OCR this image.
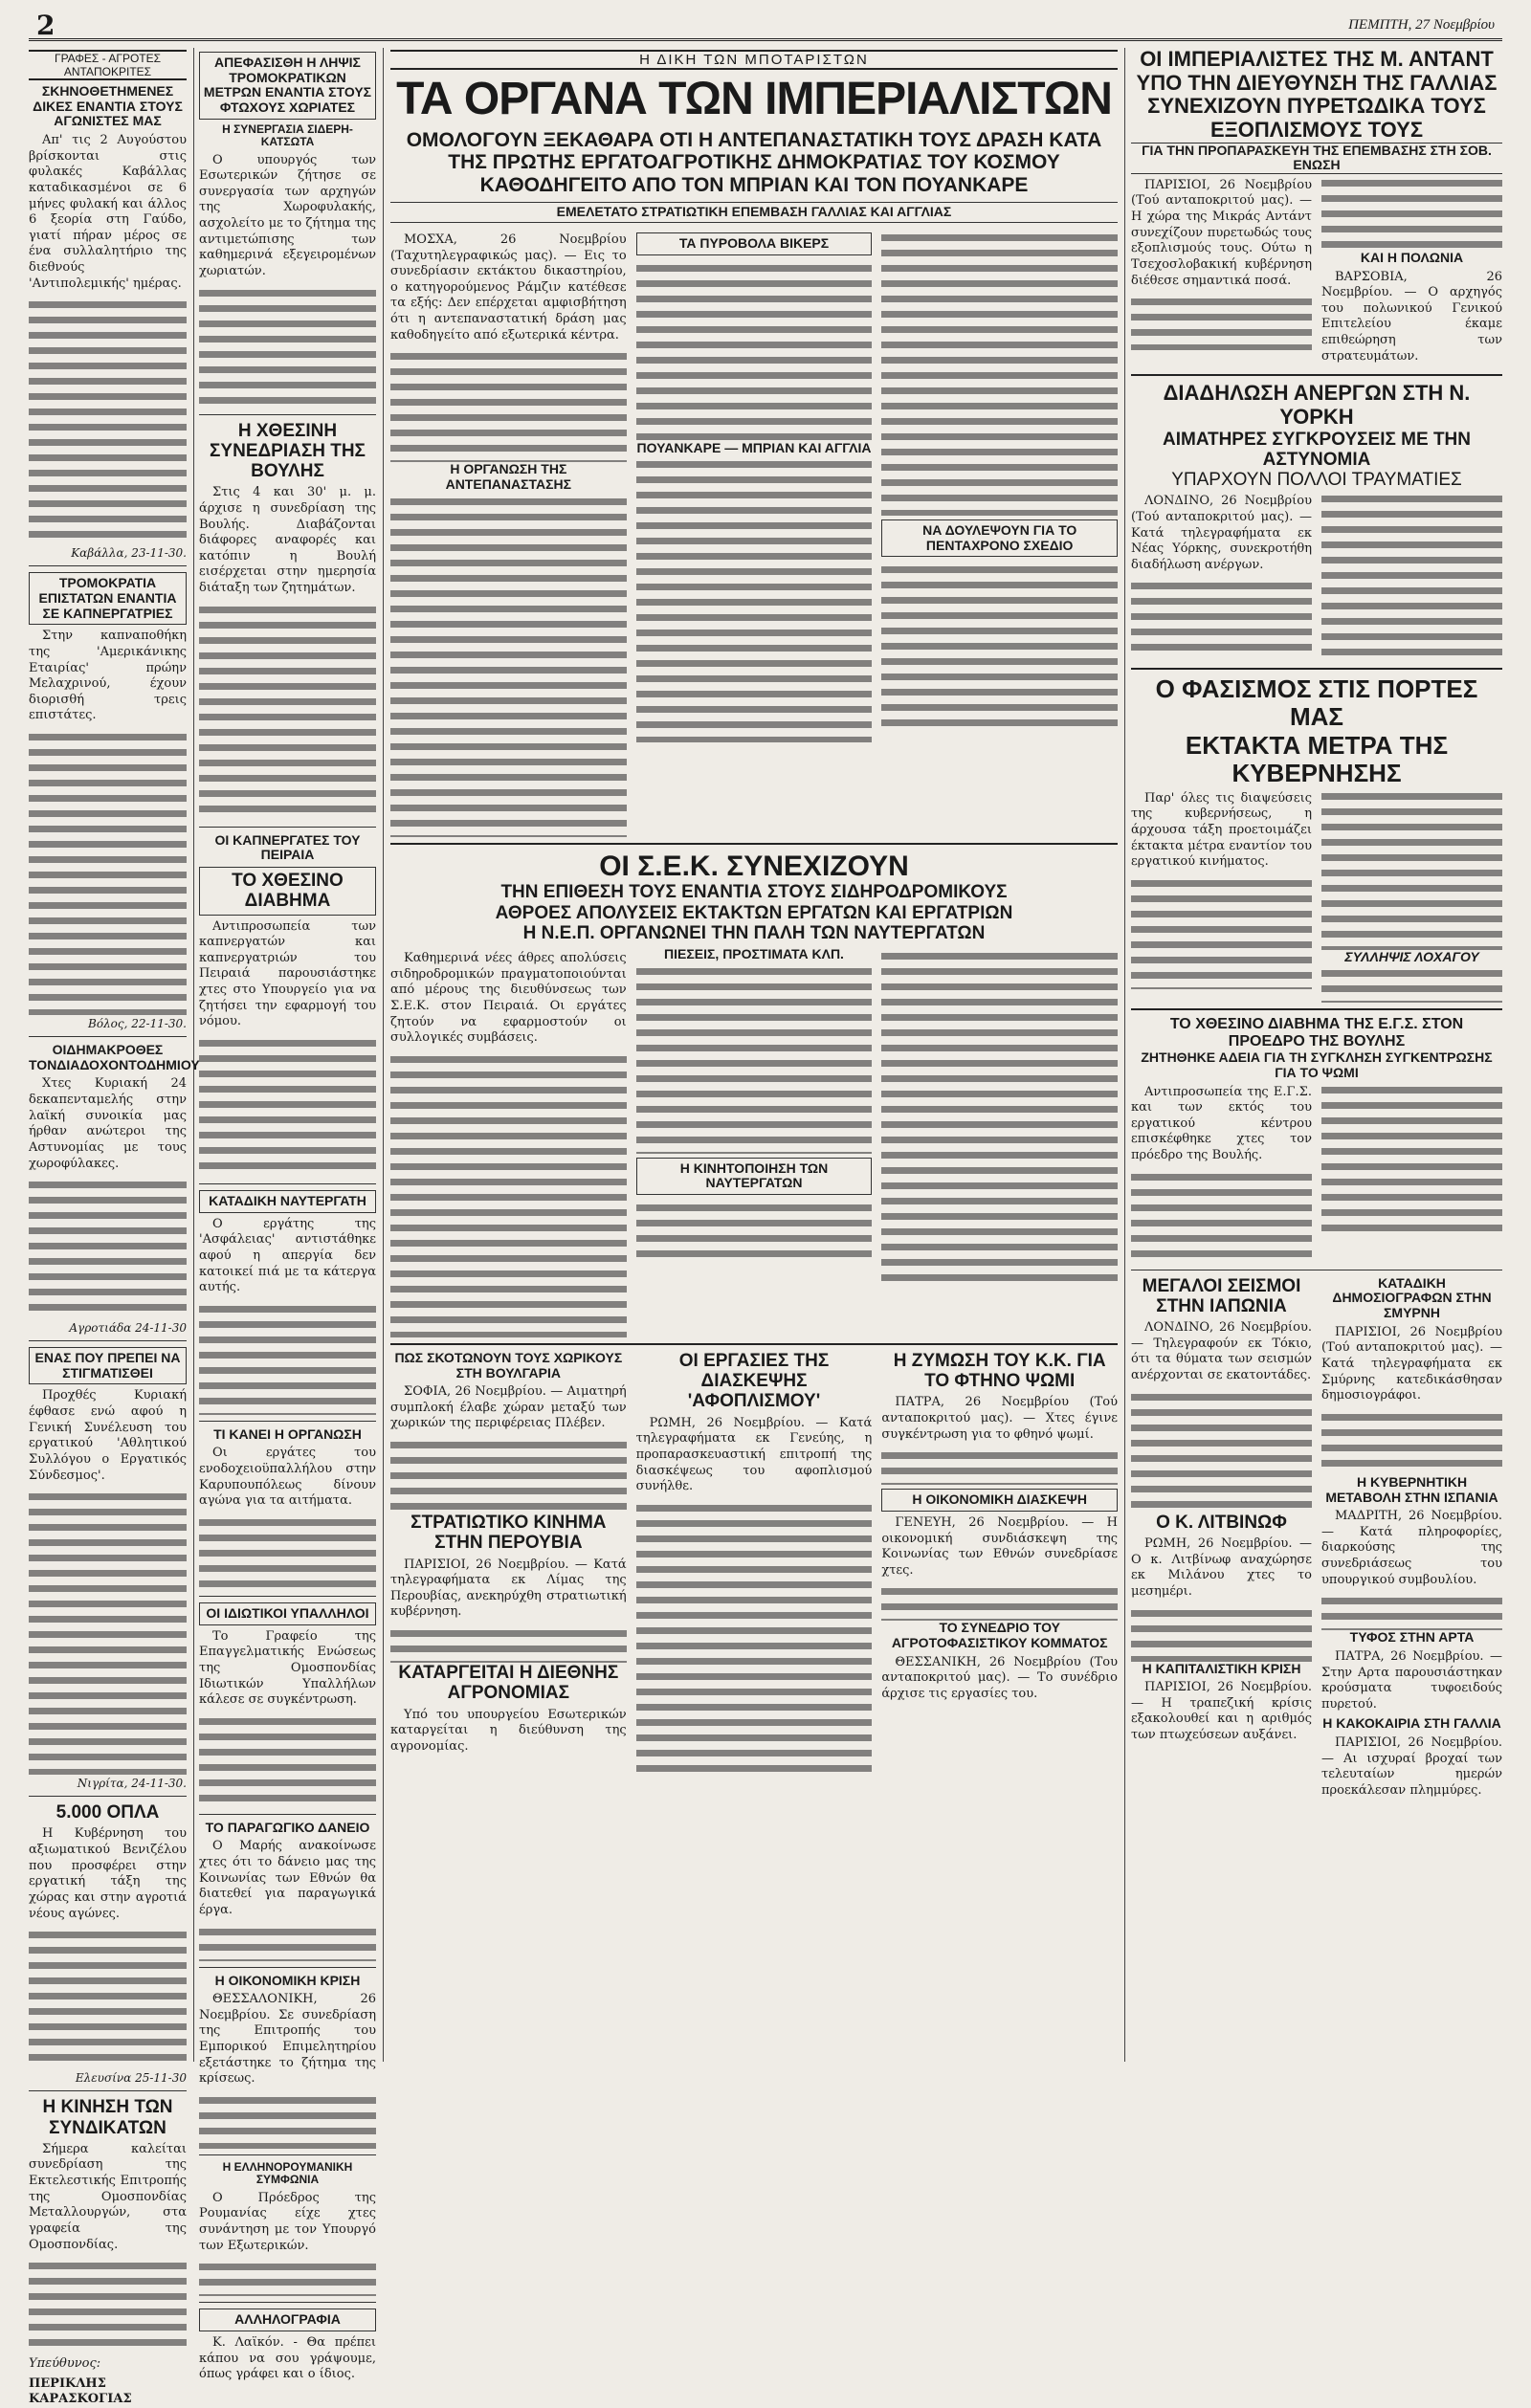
2	ΠΕΜΠΤΗ, 27 Νοεμβρίου
ΓΡΑΦΕΣ - ΑΓΡΟΤΕΣ ΑΝΤΑΠΟΚΡΙΤΕΣ
ΣΚΗΝΟΘΕΤΗΜΕΝΕΣ ΔΙΚΕΣ ΕΝΑΝΤΙΑ ΣΤΟΥΣ ΑΓΩΝΙΣΤΕΣ ΜΑΣ

Απ' τις 2 Αυγούστου βρίσκονται στις φυλακές Καβάλλας καταδικασμένοι σε 6 μήνες φυλακή και άλλος 6 ξεορία στη Γαύδο, γιατί πήραν μέρος σε ένα συλλαλητήριο της διεθνούς 'Αντιπολεμικής' ημέρας.

Καβάλλα, 23-11-30.

ΤΡΟΜΟΚΡΑΤΙΑ ΕΠΙΣΤΑΤΩΝ ΕΝΑΝΤΙΑ ΣΕ ΚΑΠΝΕΡΓΑΤΡΙΕΣ

Στην καπναποθήκη της 'Αμερικάνικης Εταιρίας' πρώην Μελαχρινού, έχουν διορισθή τρεις επιστάτες.

Βόλος, 22-11-30.

ΟΙΔΗΜΑΚΡΟΘΕΣ ΤΟΝΔΙΑΔΟΧΟΝΤΟΔΗΜΙΟΥ

Χτες Κυριακή 24 δεκαπενταμελής στην λαϊκή συνοικία μας ήρθαν ανώτεροι της Αστυνομίας με τους χωροφύλακες.

Αγροτιάδα 24-11-30

ΕΝΑΣ ΠΟΥ ΠΡΕΠΕΙ ΝΑ ΣΤΙΓΜΑΤΙΣΘΕΙ

Προχθές Κυριακή έφθασε ενώ αφού η Γενική Συνέλευση του εργατικού 'Αθλητικού Συλλόγου ο Εργατικός Σύνδεσμος'.

Νιγρίτα, 24-11-30.

5.000 ΟΠΛΑ

Η Κυβέρνηση του αξιωματικού Βενιζέλου που προσφέρει στην εργατική τάξη της χώρας και στην αγροτιά νέους αγώνες.

Ελευσίνα 25-11-30

Η ΚΙΝΗΣΗ ΤΩΝ ΣΥΝΔΙΚΑΤΩΝ

Σήμερα καλείται συνεδρίαση της Εκτελεστικής Επιτροπής της Ομοσπονδίας Μεταλλουργών, στα γραφεία της Ομοσπονδίας.

Υπεύθυνος:

ΠΕΡΙΚΛΗΣ ΚΑΡΑΣΚΟΓΙΑΣ

ΑΠΕΦΑΣΙΣΘΗ Η ΛΗΨΙΣ ΤΡΟΜΟΚΡΑΤΙΚΩΝ ΜΕΤΡΩΝ ΕΝΑΝΤΙΑ ΣΤΟΥΣ ΦΤΩΧΟΥΣ ΧΩΡΙΑΤΕΣ
Η ΣΥΝΕΡΓΑΣΙΑ ΣΙΔΕΡΗ-ΚΑΤΣΩΤΑ

Ο υπουργός των Εσωτερικών ζήτησε σε συνεργασία των αρχηγών της Χωροφυλακής, ασχολείτο με το ζήτημα της αντιμετώπισης των καθημερινά εξεγειρομένων χωριατών.

Η ΧΘΕΣΙΝΗ ΣΥΝΕΔΡΙΑΣΗ ΤΗΣ ΒΟΥΛΗΣ

Στις 4 και 30' μ. μ. άρχισε η συνεδρίαση της Βουλής. Διαβάζονται διάφορες αναφορές και κατόπιν η Βουλή εισέρχεται στην ημερησία διάταξη των ζητημάτων.

ΟΙ ΚΑΠΝΕΡΓΑΤΕΣ ΤΟΥ ΠΕΙΡΑΙΑ
ΤΟ ΧΘΕΣΙΝΟ ΔΙΑΒΗΜΑ

Αντιπροσωπεία των καπνεργατών και καπνεργατριών του Πειραιά παρουσιάστηκε χτες στο Υπουργείο για να ζητήσει την εφαρμογή του νόμου.

ΚΑΤΑΔΙΚΗ ΝΑΥΤΕΡΓΑΤΗ

Ο εργάτης της 'Ασφάλειας' αντιστάθηκε αφού η απεργία δεν κατοικεί πιά με τα κάτεργα αυτής.

ΤΙ ΚΑΝΕΙ Η ΟΡΓΑΝΩΣΗ

Οι εργάτες του ενοδοχειοϋπαλλήλου στην Καρυπουπόλεως δίνουν αγώνα για τα αιτήματα.

ΟΙ ΙΔΙΩΤΙΚΟΙ ΥΠΑΛΛΗΛΟΙ

Το Γραφείο της Επαγγελματικής Ενώσεως της Ομοσπονδίας Ιδιωτικών Υπαλλήλων κάλεσε σε συγκέντρωση.

ΤΟ ΠΑΡΑΓΩΓΙΚΟ ΔΑΝΕΙΟ

Ο Μαρής ανακοίνωσε χτες ότι το δάνειο μας της Κοινωνίας των Εθνών θα διατεθεί για παραγωγικά έργα.

Η ΟΙΚΟΝΟΜΙΚΗ ΚΡΙΣΗ

ΘΕΣΣΑΛΟΝΙΚΗ, 26 Νοεμβρίου. Σε συνεδρίαση της Επιτροπής του Εμπορικού Επιμελητηρίου εξετάστηκε το ζήτημα της κρίσεως.

Η ΕΛΛΗΝΟΡΟΥΜΑΝΙΚΗ ΣΥΜΦΩΝΙΑ

Ο Πρόεδρος της Ρουμανίας είχε χτες συνάντηση με τον Υπουργό των Εξωτερικών.

ΑΛΛΗΛΟΓΡΑΦΙΑ

Κ. Λαϊκόν. - Θα πρέπει κάπου να σου γράψουμε, όπως γράφει και ο ίδιος.

Η ΔΙΚΗ ΤΩΝ ΜΠΟΤΑΡΙΣΤΩΝ
ΤΑ ΟΡΓΑΝΑ ΤΩΝ ΙΜΠΕΡΙΑΛΙΣΤΩΝ
ΟΜΟΛΟΓΟΥΝ ΞΕΚΑΘΑΡΑ ΟΤΙ Η ΑΝΤΕΠΑΝΑΣΤΑΤΙΚΗ ΤΟΥΣ ΔΡΑΣΗ ΚΑΤΑ ΤΗΣ ΠΡΩΤΗΣ ΕΡΓΑΤΟΑΓΡΟΤΙΚΗΣ ΔΗΜΟΚΡΑΤΙΑΣ ΤΟΥ ΚΟΣΜΟΥ ΚΑΘΟΔΗΓΕΙΤΟ ΑΠΟ ΤΟΝ ΜΠΡΙΑΝ ΚΑΙ ΤΟΝ ΠΟΥΑΝΚΑΡΕ
ΕΜΕΛΕΤΑΤΟ ΣΤΡΑΤΙΩΤΙΚΗ ΕΠΕΜΒΑΣΗ ΓΑΛΛΙΑΣ ΚΑΙ ΑΓΓΛΙΑΣ

ΜΟΣΧΑ, 26 Νοεμβρίου (Ταχυτηλεγραφικώς μας). — Εις το συνεδρίασιν εκτάκτου δικαστηρίου, ο κατηγορούμενος Ράμζιν κατέθεσε τα εξής: Δεν επέρχεται αμφισβήτηση ότι η αντεπαναστατική δράση μας καθοδηγείτο από εξωτερικά κέντρα.

Η ΟΡΓΑΝΩΣΗ ΤΗΣ ΑΝΤΕΠΑΝΑΣΤΑΣΗΣ
ΤΑ ΠΥΡΟΒΟΛΑ ΒΙΚΕΡΣ
ΠΟΥΑΝΚΑΡΕ — ΜΠΡΙΑΝ ΚΑΙ ΑΓΓΛΙΑ
ΝΑ ΔΟΥΛΕΨΟΥΝ ΓΙΑ ΤΟ ΠΕΝΤΑΧΡΟΝΟ ΣΧΕΔΙΟ
ΟΙ Σ.Ε.Κ. ΣΥΝΕΧΙΖΟΥΝ
ΤΗΝ ΕΠΙΘΕΣΗ ΤΟΥΣ ΕΝΑΝΤΙΑ ΣΤΟΥΣ ΣΙΔΗΡΟΔΡΟΜΙΚΟΥΣ
ΑΘΡΟΕΣ ΑΠΟΛΥΣΕΙΣ ΕΚΤΑΚΤΩΝ ΕΡΓΑΤΩΝ ΚΑΙ ΕΡΓΑΤΡΙΩΝ
Η Ν.Ε.Π. ΟΡΓΑΝΩΝΕΙ ΤΗΝ ΠΑΛΗ ΤΩΝ ΝΑΥΤΕΡΓΑΤΩΝ

Καθημερινά νέες άθρες απολύσεις σιδηροδρομικών πραγματοποιούνται από μέρους της διευθύνσεως των Σ.Ε.Κ. στον Πειραιά. Οι εργάτες ζητούν να εφαρμοστούν οι συλλογικές συμβάσεις.

ΠΙΕΣΕΙΣ, ΠΡΟΣΤΙΜΑΤΑ ΚΛΠ.
Η ΚΙΝΗΤΟΠΟΙΗΣΗ ΤΩΝ ΝΑΥΤΕΡΓΑΤΩΝ
ΠΩΣ ΣΚΟΤΩΝΟΥΝ ΤΟΥΣ ΧΩΡΙΚΟΥΣ ΣΤΗ ΒΟΥΛΓΑΡΙΑ

ΣΟΦΙΑ, 26 Νοεμβρίου. — Αιματηρή συμπλοκή έλαβε χώραν μεταξύ των χωρικών της περιφέρειας Πλέβεν.

ΣΤΡΑΤΙΩΤΙΚΟ ΚΙΝΗΜΑ ΣΤΗΝ ΠΕΡΟΥΒΙΑ

ΠΑΡΙΣΙΟΙ, 26 Νοεμβρίου. — Κατά τηλεγραφήματα εκ Λίμας της Περουβίας, ανεκηρύχθη στρατιωτική κυβέρνηση.

ΚΑΤΑΡΓΕΙΤΑΙ Η ΔΙΕΘΝΗΣ ΑΓΡΟΝΟΜΙΑΣ

Υπό του υπουργείου Εσωτερικών καταργείται η διεύθυνση της αγρονομίας.

ΟΙ ΕΡΓΑΣΙΕΣ ΤΗΣ ΔΙΑΣΚΕΨΗΣ 'ΑΦΟΠΛΙΣΜΟΥ'

ΡΩΜΗ, 26 Νοεμβρίου. — Κατά τηλεγραφήματα εκ Γενεύης, η προπαρασκευαστική επιτροπή της διασκέψεως του αφοπλισμού συνήλθε.

Η ΖΥΜΩΣΗ ΤΟΥ Κ.Κ. ΓΙΑ ΤΟ ΦΤΗΝΟ ΨΩΜΙ

ΠΑΤΡΑ, 26 Νοεμβρίου (Τού ανταποκριτού μας). — Χτες έγινε συγκέντρωση για το φθηνό ψωμί.

Η ΟΙΚΟΝΟΜΙΚΗ ΔΙΑΣΚΕΨΗ

ΓΕΝΕΥΗ, 26 Νοεμβρίου. — Η οικονομική συνδιάσκεψη της Κοινωνίας των Εθνών συνεδρίασε χτες.

ΤΟ ΣΥΝΕΔΡΙΟ ΤΟΥ ΑΓΡΟΤΟΦΑΣΙΣΤΙΚΟΥ ΚΟΜΜΑΤΟΣ

ΘΕΣΣΑΝΙΚΗ, 26 Νοεμβρίου (Του ανταποκριτού μας). — Το συνέδριο άρχισε τις εργασίες του.

ΟΙ ΙΜΠΕΡΙΑΛΙΣΤΕΣ ΤΗΣ Μ. ΑΝΤΑΝΤ ΥΠΟ ΤΗΝ ΔΙΕΥΘΥΝΣΗ ΤΗΣ ΓΑΛΛΙΑΣ ΣΥΝΕΧΙΖΟΥΝ ΠΥΡΕΤΩΔΙΚΑ ΤΟΥΣ ΕΞΟΠΛΙΣΜΟΥΣ ΤΟΥΣ
ΓΙΑ ΤΗΝ ΠΡΟΠΑΡΑΣΚΕΥΗ ΤΗΣ ΕΠΕΜΒΑΣΗΣ ΣΤΗ ΣΟΒ. ΕΝΩΣΗ

ΠΑΡΙΣΙΟΙ, 26 Νοεμβρίου (Τού ανταποκριτού μας). — Η χώρα της Μικράς Αντάντ συνεχίζουν πυρετωδώς τους εξοπλισμούς τους. Ούτω η Τσεχοσλοβακική κυβέρνηση διέθεσε σημαντικά ποσά.

ΚΑΙ Η ΠΟΛΩΝΙΑ

ΒΑΡΣΟΒΙΑ, 26 Νοεμβρίου. — Ο αρχηγός του πολωνικού Γενικού Επιτελείου έκαμε επιθεώρηση των στρατευμάτων.

ΔΙΑΔΗΛΩΣΗ ΑΝΕΡΓΩΝ ΣΤΗ Ν. ΥΟΡΚΗ
ΑΙΜΑΤΗΡΕΣ ΣΥΓΚΡΟΥΣΕΙΣ ΜΕ ΤΗΝ ΑΣΤΥΝΟΜΙΑ
ΥΠΑΡΧΟΥΝ ΠΟΛΛΟΙ ΤΡΑΥΜΑΤΙΕΣ

ΛΟΝΔΙΝΟ, 26 Νοεμβρίου (Τού ανταποκριτού μας). — Κατά τηλεγραφήματα εκ Νέας Υόρκης, συνεκροτήθη διαδήλωση ανέργων.

Ο ΦΑΣΙΣΜΟΣ ΣΤΙΣ ΠΟΡΤΕΣ ΜΑΣ
ΕΚΤΑΚΤΑ ΜΕΤΡΑ ΤΗΣ ΚΥΒΕΡΝΗΣΗΣ

Παρ' όλες τις διαψεύσεις της κυβερνήσεως, η άρχουσα τάξη προετοιμάζει έκτακτα μέτρα εναντίον του εργατικού κινήματος.

ΣΥΛΛΗΨΙΣ ΛΟΧΑΓΟΥ
ΤΟ ΧΘΕΣΙΝΟ ΔΙΑΒΗΜΑ ΤΗΣ Ε.Γ.Σ. ΣΤΟΝ ΠΡΟΕΔΡΟ ΤΗΣ ΒΟΥΛΗΣ
ΖΗΤΗΘΗΚΕ ΑΔΕΙΑ ΓΙΑ ΤΗ ΣΥΓΚΛΗΣΗ ΣΥΓΚΕΝΤΡΩΣΗΣ ΓΙΑ ΤΟ ΨΩΜΙ

Αντιπροσωπεία της Ε.Γ.Σ. και των εκτός του εργατικού κέντρου επισκέφθηκε χτες τον πρόεδρο της Βουλής.

ΜΕΓΑΛΟΙ ΣΕΙΣΜΟΙ ΣΤΗΝ ΙΑΠΩΝΙΑ

ΛΟΝΔΙΝΟ, 26 Νοεμβρίου. — Τηλεγραφούν εκ Τόκιο, ότι τα θύματα των σεισμών ανέρχονται σε εκατοντάδες.

Ο Κ. ΛΙΤΒΙΝΩΦ

ΡΩΜΗ, 26 Νοεμβρίου. — Ο κ. Λιτβίνωφ αναχώρησε εκ Μιλάνου χτες το μεσημέρι.

Η ΚΑΠΙΤΑΛΙΣΤΙΚΗ ΚΡΙΣΗ

ΠΑΡΙΣΙΟΙ, 26 Νοεμβρίου. — Η τραπεζική κρίσις εξακολουθεί και η αριθμός των πτωχεύσεων αυξάνει.

ΚΑΤΑΔΙΚΗ ΔΗΜΟΣΙΟΓΡΑΦΩΝ ΣΤΗΝ ΣΜΥΡΝΗ

ΠΑΡΙΣΙΟΙ, 26 Νοεμβρίου (Τού ανταποκριτού μας). — Κατά τηλεγραφήματα εκ Σμύρνης κατεδικάσθησαν δημοσιογράφοι.

Η ΚΥΒΕΡΝΗΤΙΚΗ ΜΕΤΑΒΟΛΗ ΣΤΗΝ ΙΣΠΑΝΙΑ

ΜΑΔΡΙΤΗ, 26 Νοεμβρίου. — Κατά πληροφορίες, διαρκούσης της συνεδριάσεως του υπουργικού συμβουλίου.

ΤΥΦΟΣ ΣΤΗΝ ΑΡΤΑ

ΠΑΤΡΑ, 26 Νοεμβρίου. — Στην Αρτα παρουσιάστηκαν κρούσματα τυφοειδούς πυρετού.

Η ΚΑΚΟΚΑΙΡΙΑ ΣΤΗ ΓΑΛΛΙΑ

ΠΑΡΙΣΙΟΙ, 26 Νοεμβρίου. — Αι ισχυραί βροχαί των τελευταίων ημερών προεκάλεσαν πλημμύρες.
